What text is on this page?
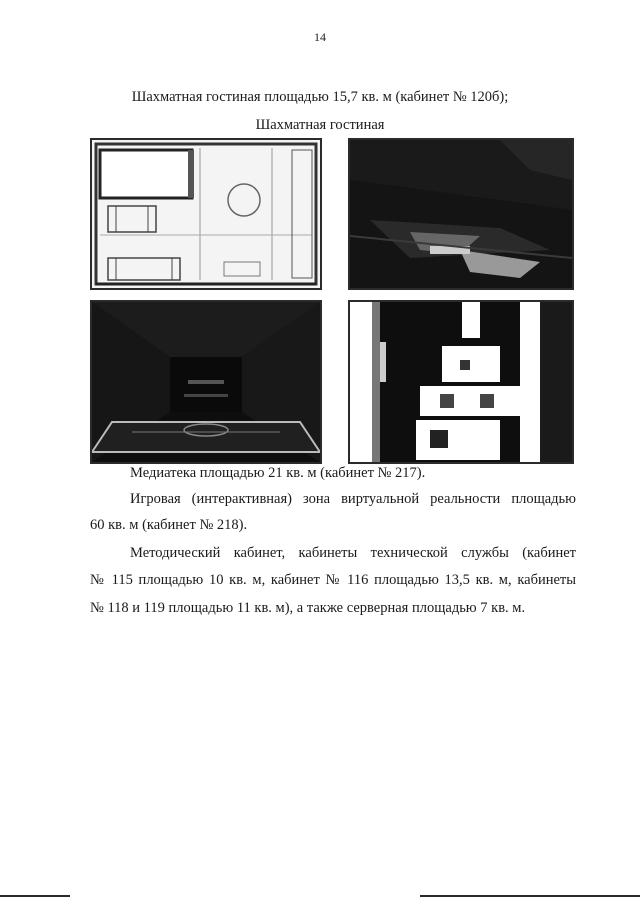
14
Шахматная гостиная площадью 15,7 кв. м (кабинет № 120б);
Шахматная гостиная
Медиатека площадью 21 кв. м (кабинет № 217).
Игровая (интерактивная) зона виртуальной реальности площадью
60 кв. м (кабинет № 218).
Методический кабинет, кабинеты технической службы (кабинет
№ 115 площадью 10 кв. м, кабинет № 116 площадью 13,5 кв. м, кабинеты
№ 118 и 119 площадью 11 кв. м), а также серверная площадью 7 кв. м.
